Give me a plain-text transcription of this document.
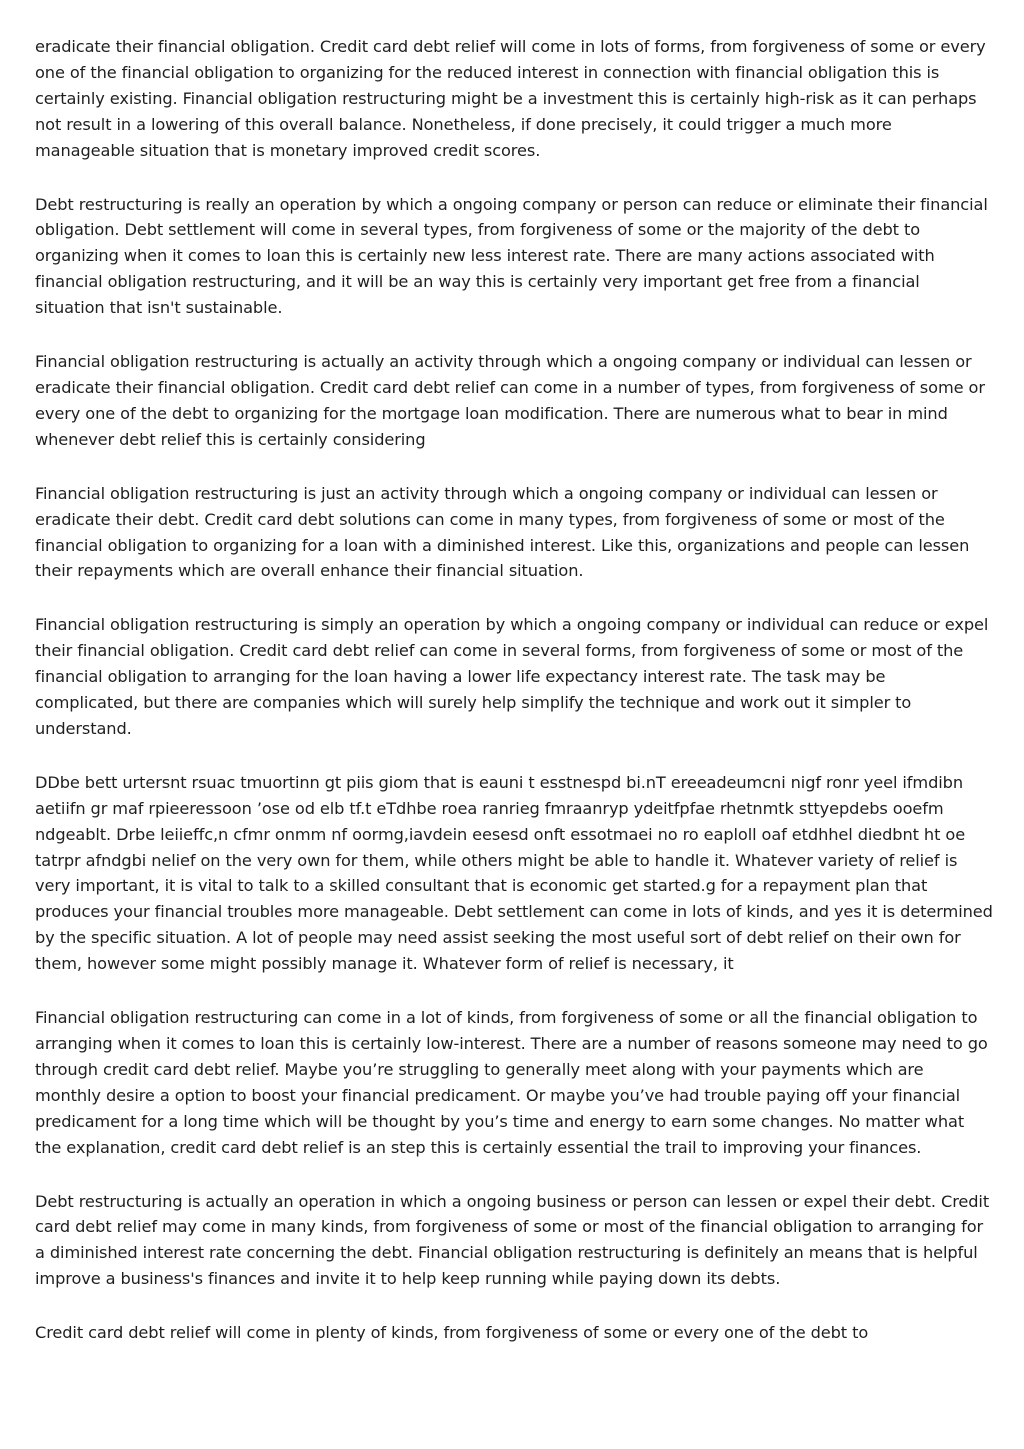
eradicate their financial obligation. Credit card debt relief will come in lots of forms, from forgiveness of some or every one of the financial obligation to organizing for the reduced interest in connection with financial obligation this is certainly existing. Financial obligation restructuring might be a investment this is certainly high-risk as it can perhaps not result in a lowering of this overall balance. Nonetheless, if done precisely, it could trigger a much more manageable situation that is monetary improved credit scores.

Debt restructuring is really an operation by which a ongoing company or person can reduce or eliminate their financial obligation. Debt settlement will come in several types, from forgiveness of some or the majority of the debt to organizing when it comes to loan this is certainly new less interest rate. There are many actions associated with financial obligation restructuring, and it will be an way this is certainly very important get free from a financial situation that isn't sustainable.

Financial obligation restructuring is actually an activity through which a ongoing company or individual can lessen or eradicate their financial obligation. Credit card debt relief can come in a number of types, from forgiveness of some or every one of the debt to organizing for the mortgage loan modification. There are numerous what to bear in mind whenever debt relief this is certainly considering

Financial obligation restructuring is just an activity through which a ongoing company or individual can lessen or eradicate their debt. Credit card debt solutions can come in many types, from forgiveness of some or most of the financial obligation to organizing for a loan with a diminished interest. Like this, organizations and people can lessen their repayments which are overall enhance their financial situation.

Financial obligation restructuring is simply an operation by which a ongoing company or individual can reduce or expel their financial obligation. Credit card debt relief can come in several forms, from forgiveness of some or most of the financial obligation to arranging for the loan having a lower life expectancy interest rate. The task may be complicated, but there are companies which will surely help simplify the technique and work out it simpler to understand.

DDbe bett urtersnt rsuac tmuortinn gt piis giom that is eauni t esstnespd bi.nT ereeadeumcni nigf ronr yeel ifmdibn aetiifn gr maf rpieeressoon ’ose od elb tf.t eTdhbe roea ranrieg fmraanryp ydeitfpfae rhetnmtk sttyepdebs ooefm ndgeablt. Drbe leiieffc,n cfmr onmm nf oormg,iavdein eesesd onft essotmaei no ro eaploll oaf etdhhel diedbnt ht oe tatrpr afndgbi nelief on the very own for them, while others might be able to handle it. Whatever variety of relief is very important, it is vital to talk to a skilled consultant that is economic get started.g for a repayment plan that produces your financial troubles more manageable. Debt settlement can come in lots of kinds, and yes it is determined by the specific situation. A lot of people may need assist seeking the most useful sort of debt relief on their own for them, however some might possibly manage it. Whatever form of relief is necessary, it

Financial obligation restructuring can come in a lot of kinds, from forgiveness of some or all the financial obligation to arranging when it comes to loan this is certainly low-interest. There are a number of reasons someone may need to go through credit card debt relief. Maybe you’re struggling to generally meet along with your payments which are monthly desire a option to boost your financial predicament. Or maybe you’ve had trouble paying off your financial predicament for a long time which will be thought by you’s time and energy to earn some changes. No matter what the explanation, credit card debt relief is an step this is certainly essential the trail to improving your finances.

Debt restructuring is actually an operation in which a ongoing business or person can lessen or expel their debt. Credit card debt relief may come in many kinds, from forgiveness of some or most of the financial obligation to arranging for a diminished interest rate concerning the debt. Financial obligation restructuring is definitely an means that is helpful improve a business's finances and invite it to help keep running while paying down its debts.

Credit card debt relief will come in plenty of kinds, from forgiveness of some or every one of the debt to
